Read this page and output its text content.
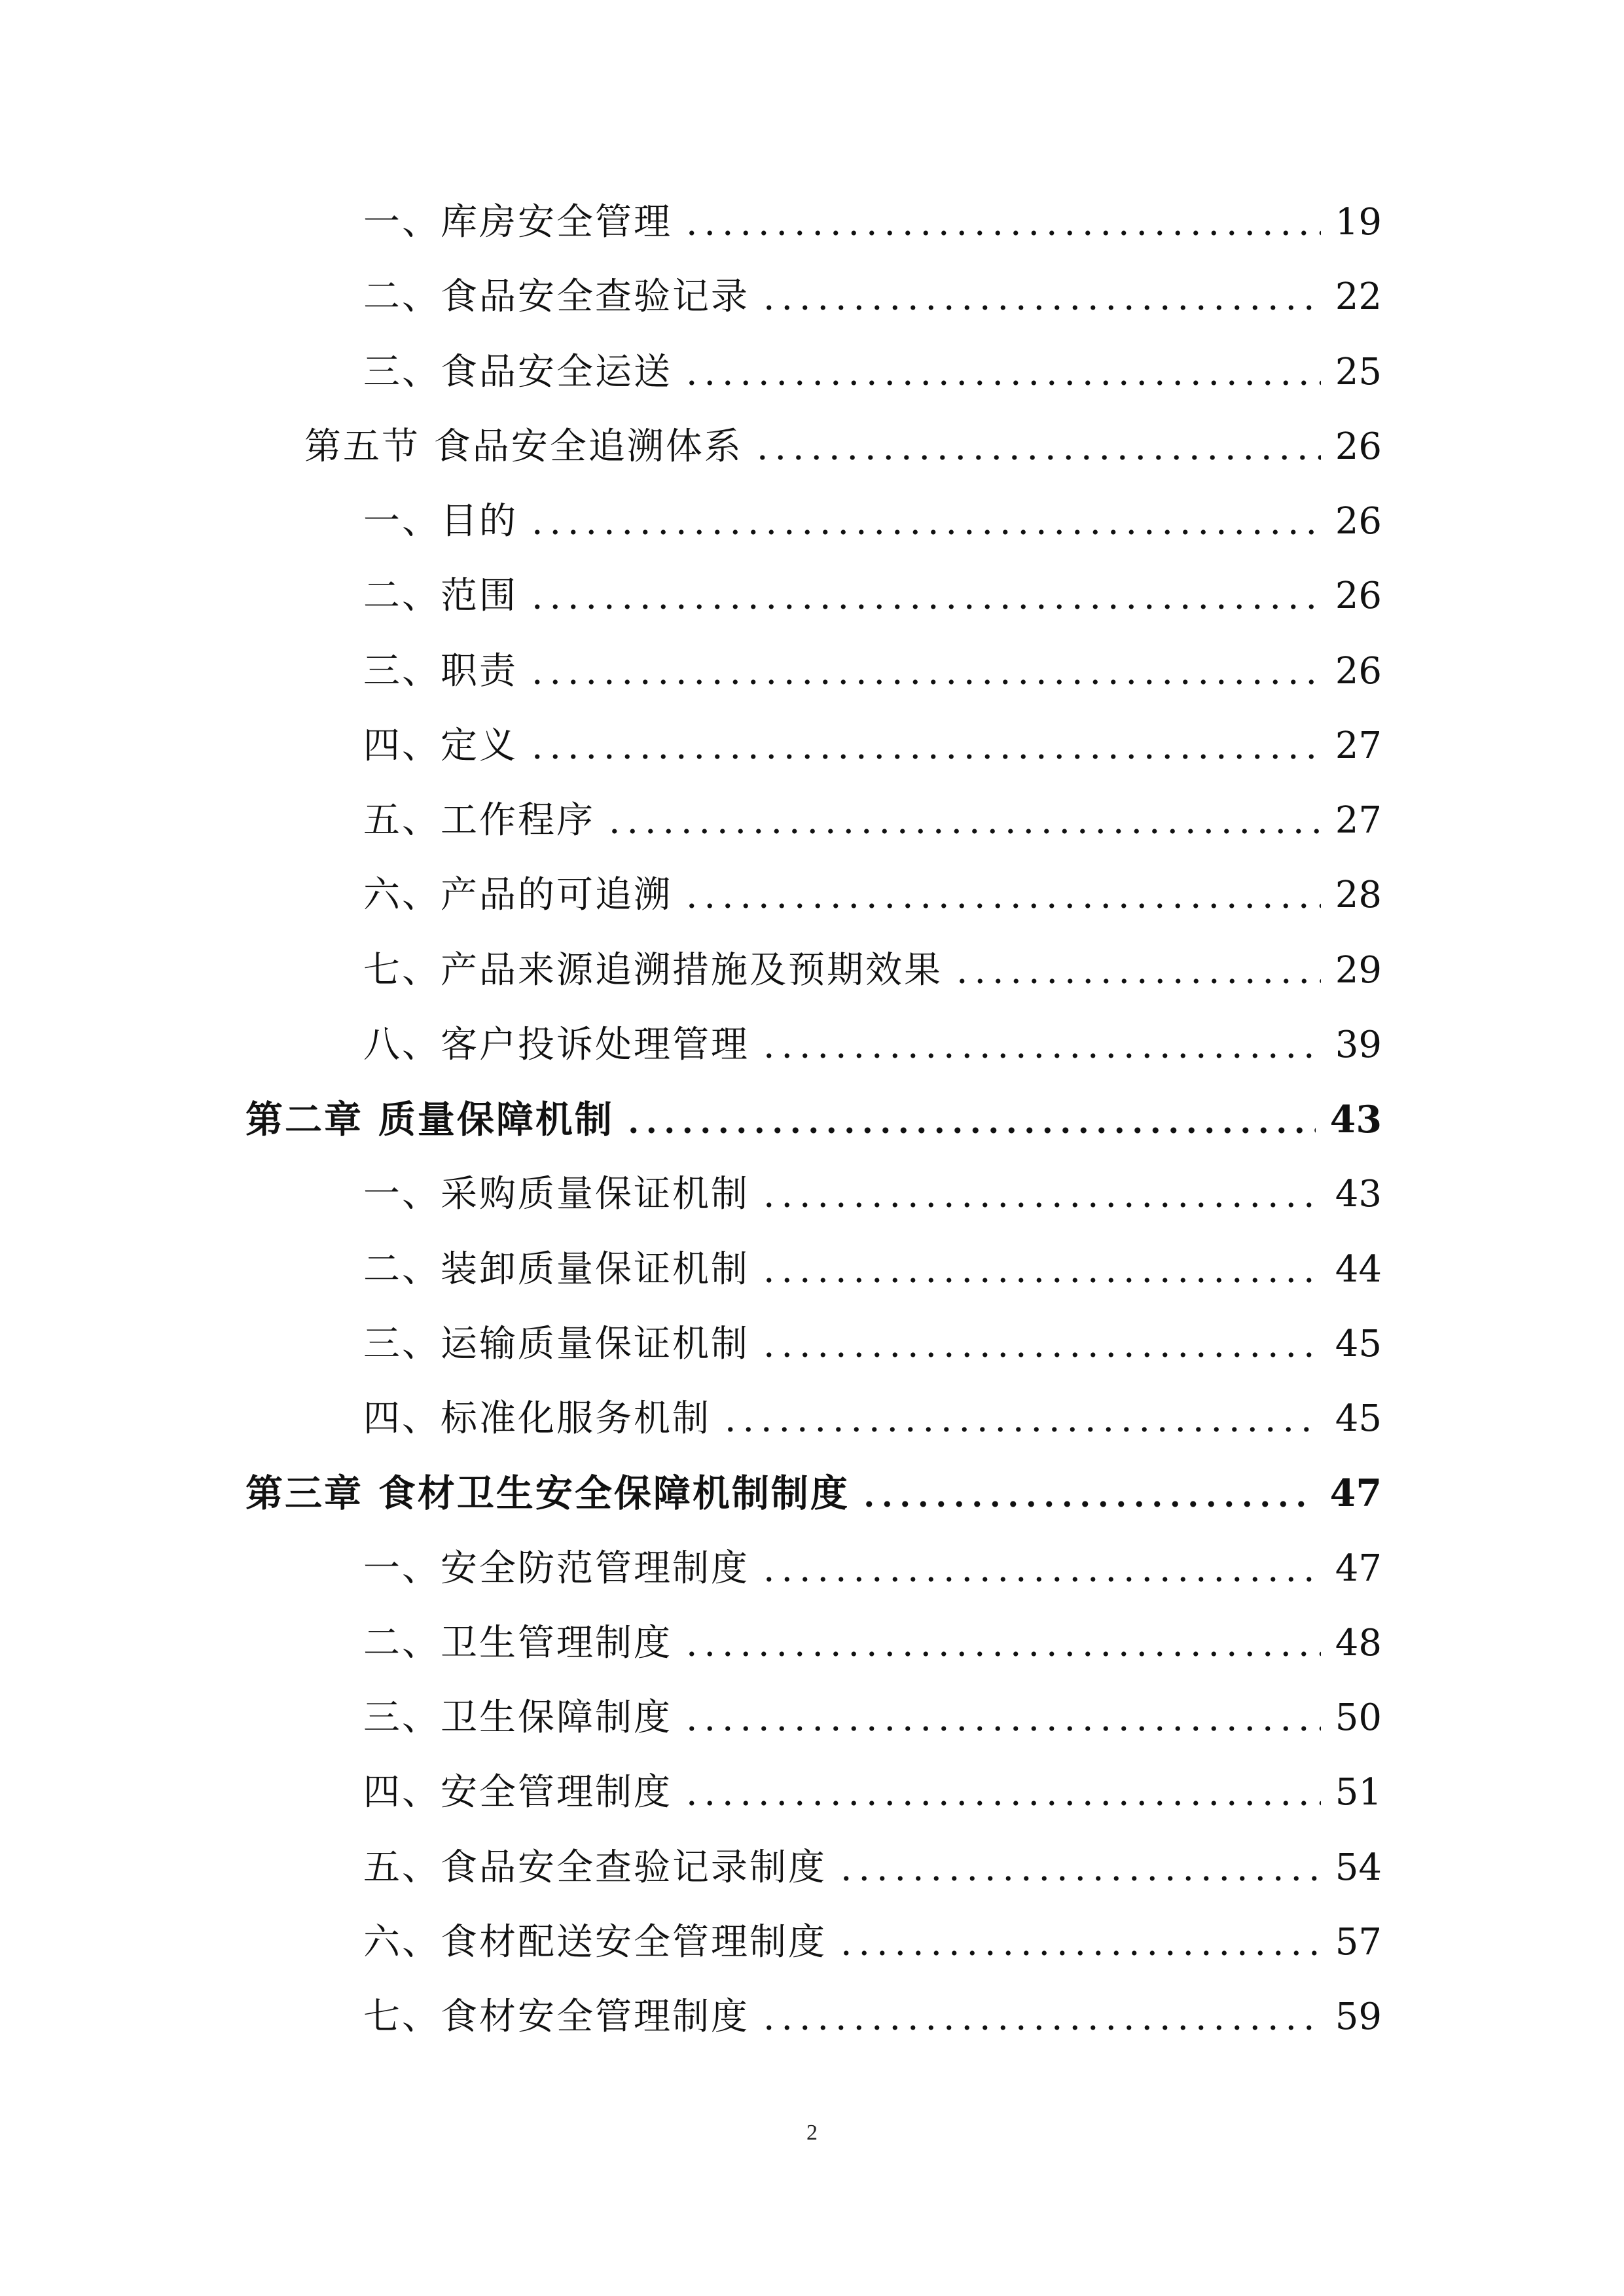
一、库房安全管理	19
二、食品安全查验记录	22
三、食品安全运送	25
第五节 食品安全追溯体系	26
一、目的	26
二、范围	26
三、职责	26
四、定义	27
五、工作程序	27
六、产品的可追溯	28
七、产品来源追溯措施及预期效果	29
八、客户投诉处理管理	39
第二章 质量保障机制	43
一、采购质量保证机制	43
二、装卸质量保证机制	44
三、运输质量保证机制	45
四、标准化服务机制	45
第三章 食材卫生安全保障机制制度	47
一、安全防范管理制度	47
二、卫生管理制度	48
三、卫生保障制度	50
四、安全管理制度	51
五、食品安全查验记录制度	54
六、食材配送安全管理制度	57
七、食材安全管理制度	59
2
